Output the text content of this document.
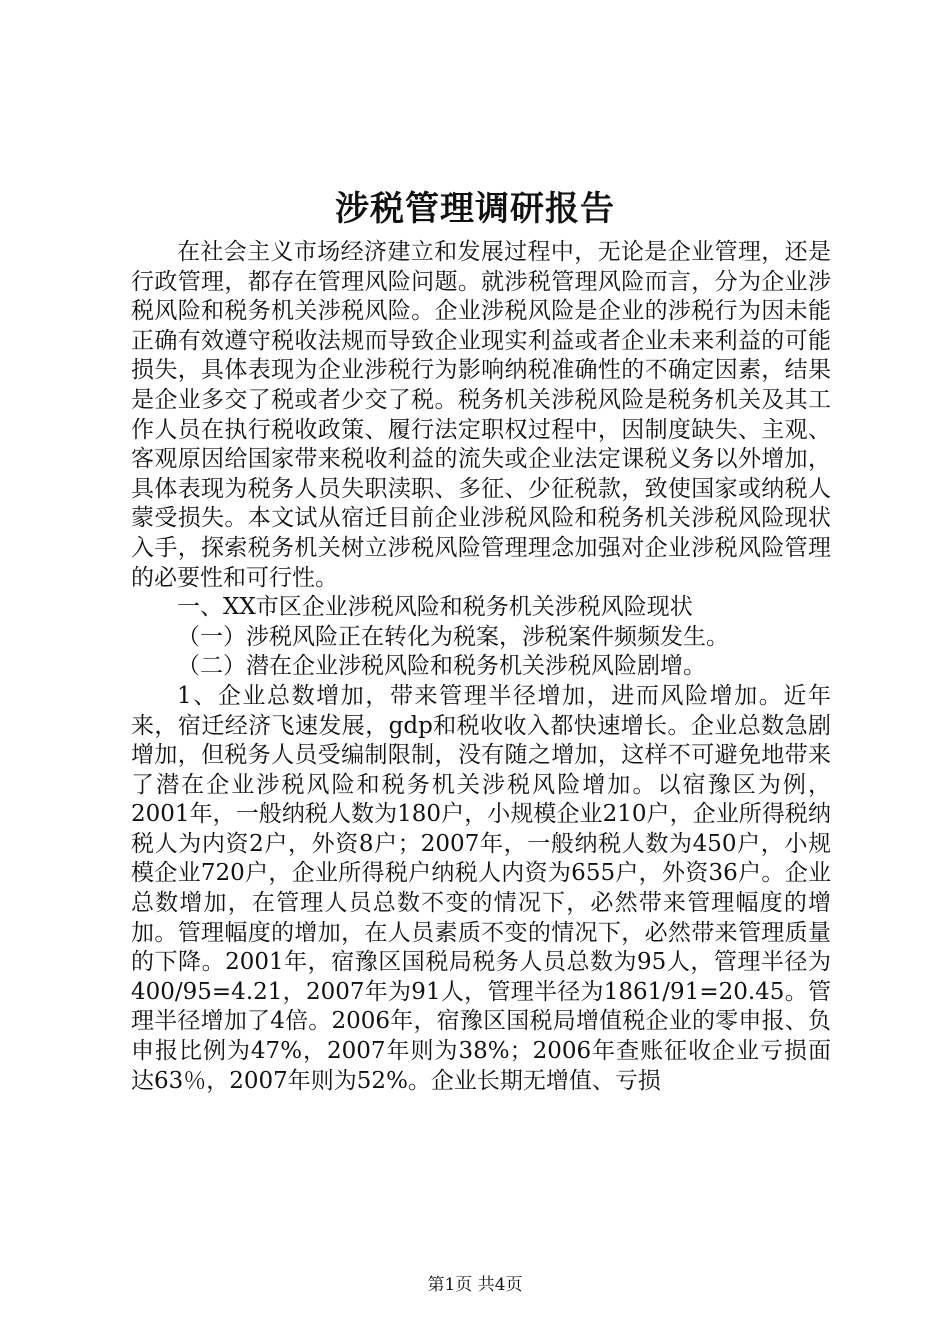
涉税管理调研报告

在社会主义市场经济建立和发展过程中，无论是企业管理，还是行政管理，都存在管理风险问题。就涉税管理风险而言，分为企业涉税风险和税务机关涉税风险。企业涉税风险是企业的涉税行为因未能正确有效遵守税收法规而导致企业现实利益或者企业未来利益的可能损失，具体表现为企业涉税行为影响纳税准确性的不确定因素，结果是企业多交了税或者少交了税。税务机关涉税风险是税务机关及其工作人员在执行税收政策、履行法定职权过程中，因制度缺失、主观、客观原因给国家带来税收利益的流失或企业法定课税义务以外增加，具体表现为税务人员失职渎职、多征、少征税款，致使国家或纳税人蒙受损失。本文试从宿迁目前企业涉税风险和税务机关涉税风险现状入手，探索税务机关树立涉税风险管理理念加强对企业涉税风险管理的必要性和可行性。

一、XX市区企业涉税风险和税务机关涉税风险现状

（一）涉税风险正在转化为税案，涉税案件频频发生。

（二）潜在企业涉税风险和税务机关涉税风险剧增。

1、企业总数增加，带来管理半径增加，进而风险增加。近年来，宿迁经济飞速发展，gdp和税收收入都快速增长。企业总数急剧增加，但税务人员受编制限制，没有随之增加，这样不可避免地带来了潜在企业涉税风险和税务机关涉税风险增加。以宿豫区为例，2001年，一般纳税人数为180户，小规模企业210户，企业所得税纳税人为内资2户，外资8户；2007年，一般纳税人数为450户，小规模企业720户，企业所得税户纳税人内资为655户，外资36户。企业总数增加，在管理人员总数不变的情况下，必然带来管理幅度的增加。管理幅度的增加，在人员素质不变的情况下，必然带来管理质量的下降。2001年，宿豫区国税局税务人员总数为95人，管理半径为400/95=4.21，2007年为91人，管理半径为1861/91=20.45。管理半径增加了4倍。2006年，宿豫区国税局增值税企业的零申报、负申报比例为47%，2007年则为38%；2006年查账征收企业亏损面达63％，2007年则为52%。企业长期无增值、亏损

第1页 共4页
